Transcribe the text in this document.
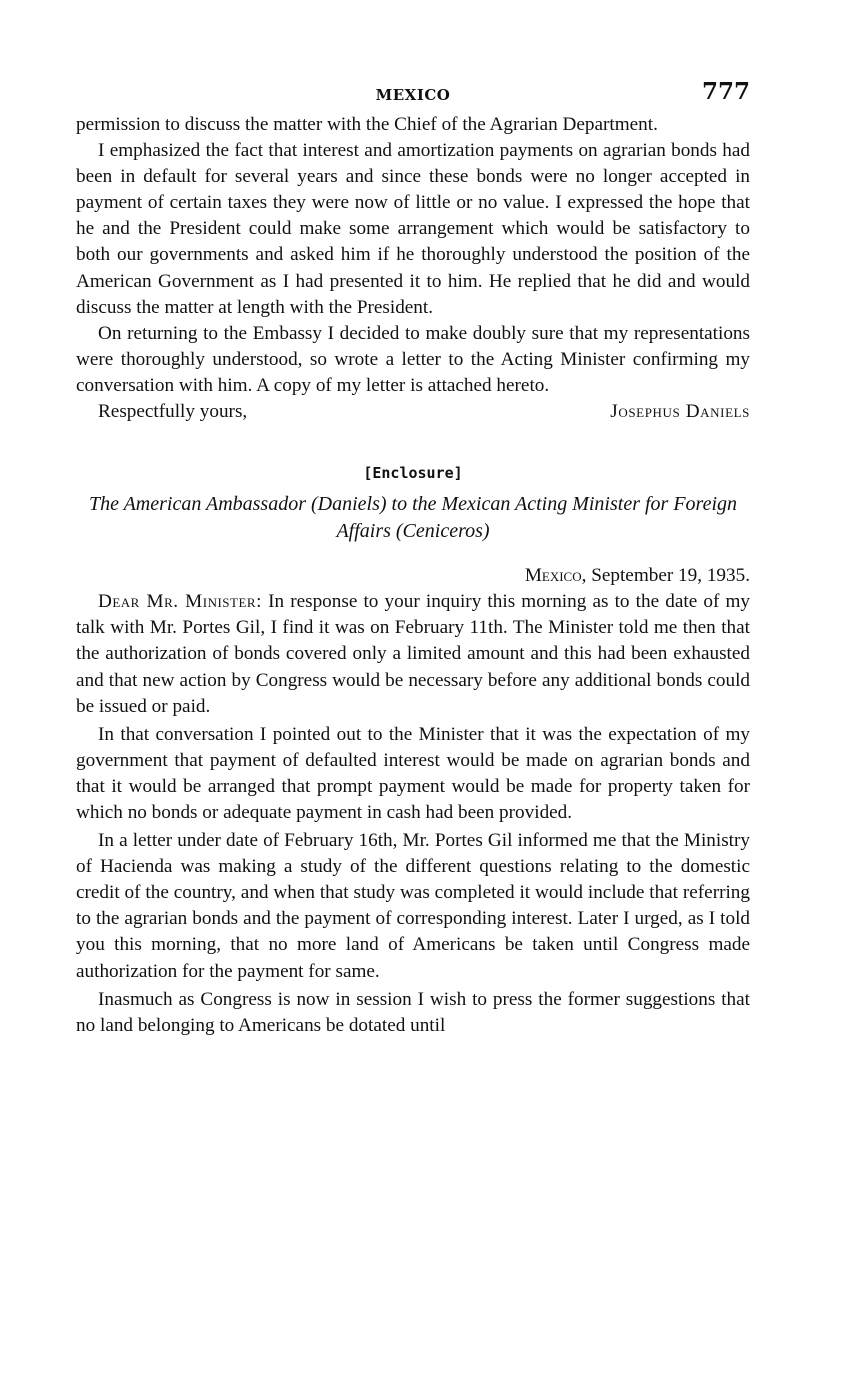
MEXICO	777

permission to discuss the matter with the Chief of the Agrarian Department.

I emphasized the fact that interest and amortization payments on agrarian bonds had been in default for several years and since these bonds were no longer accepted in payment of certain taxes they were now of little or no value. I expressed the hope that he and the President could make some arrangement which would be satisfactory to both our governments and asked him if he thoroughly understood the position of the American Government as I had presented it to him. He replied that he did and would discuss the matter at length with the President.

On returning to the Embassy I decided to make doubly sure that my representations were thoroughly understood, so wrote a letter to the Acting Minister confirming my conversation with him. A copy of my letter is attached hereto.

Respectfully yours,	Josephus Daniels
[Enclosure]
The American Ambassador (Daniels) to the Mexican Acting Minister for Foreign Affairs (Ceniceros)
Mexico, September 19, 1935.

Dear Mr. Minister: In response to your inquiry this morning as to the date of my talk with Mr. Portes Gil, I find it was on February 11th. The Minister told me then that the authorization of bonds covered only a limited amount and this had been exhausted and that new action by Congress would be necessary before any additional bonds could be issued or paid.

In that conversation I pointed out to the Minister that it was the expectation of my government that payment of defaulted interest would be made on agrarian bonds and that it would be arranged that prompt payment would be made for property taken for which no bonds or adequate payment in cash had been provided.

In a letter under date of February 16th, Mr. Portes Gil informed me that the Ministry of Hacienda was making a study of the different questions relating to the domestic credit of the country, and when that study was completed it would include that referring to the agrarian bonds and the payment of corresponding interest. Later I urged, as I told you this morning, that no more land of Americans be taken until Congress made authorization for the payment for same.

Inasmuch as Congress is now in session I wish to press the former suggestions that no land belonging to Americans be dotated until
